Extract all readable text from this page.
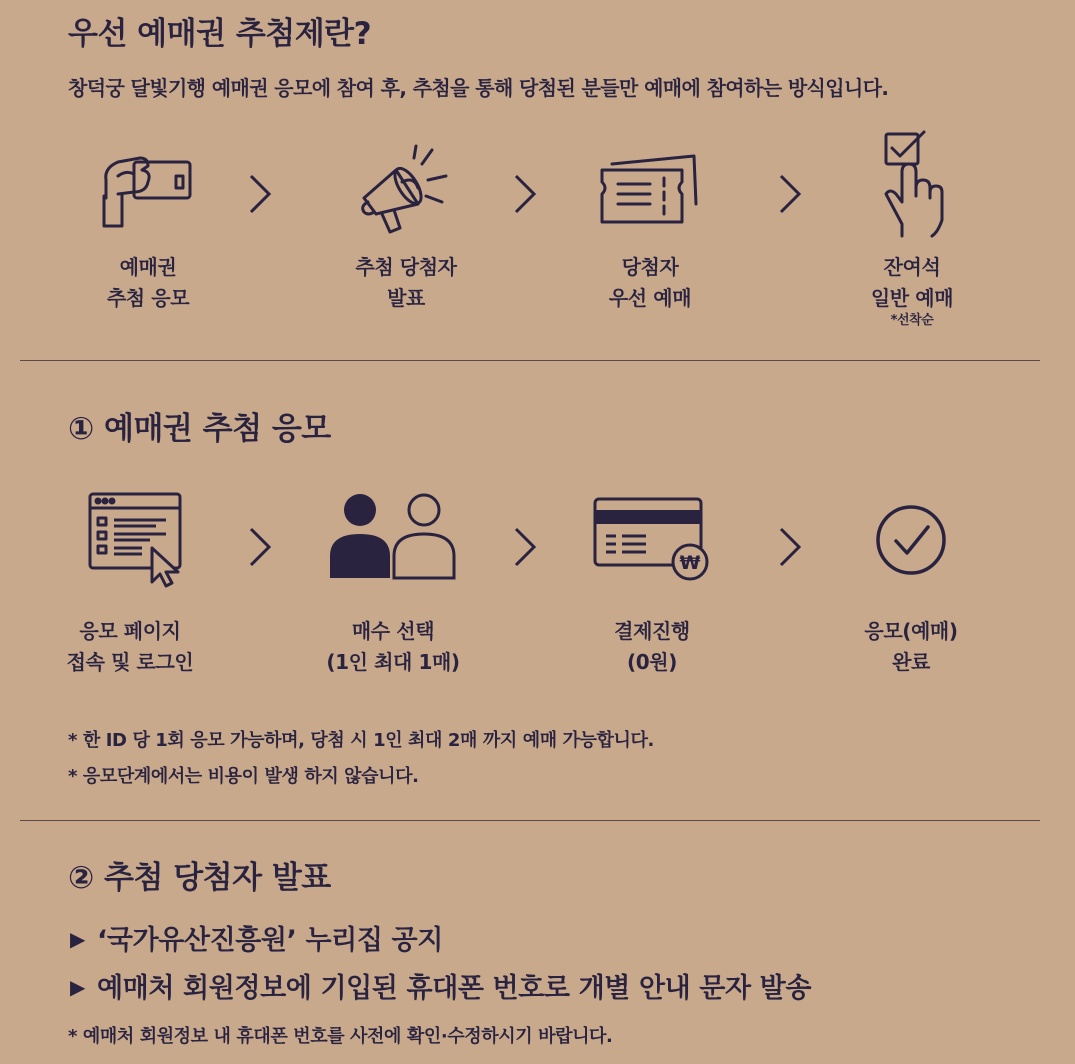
우선 예매권 추첨제란?
창덕궁 달빛기행 예매권 응모에 참여 후, 추첨을 통해 당첨된 분들만 예매에 참여하는 방식입니다.
예매권
추첨 응모
추첨 당첨자
발표
당첨자
우선 예매
잔여석
일반 예매
*선착순
① 예매권 추첨 응모
₩
응모 페이지
접속 및 로그인
매수 선택
(1인 최대 1매)
결제진행
(0원)
응모(예매)
완료
* 한 ID 당 1회 응모 가능하며, 당첨 시 1인 최대 2매 까지 예매 가능합니다.
* 응모단계에서는 비용이 발생 하지 않습니다.
② 추첨 당첨자 발표
▶ ‘국가유산진흥원’ 누리집 공지
▶ 예매처 회원정보에 기입된 휴대폰 번호로 개별 안내 문자 발송
* 예매처 회원정보 내 휴대폰 번호를 사전에 확인·수정하시기 바랍니다.
